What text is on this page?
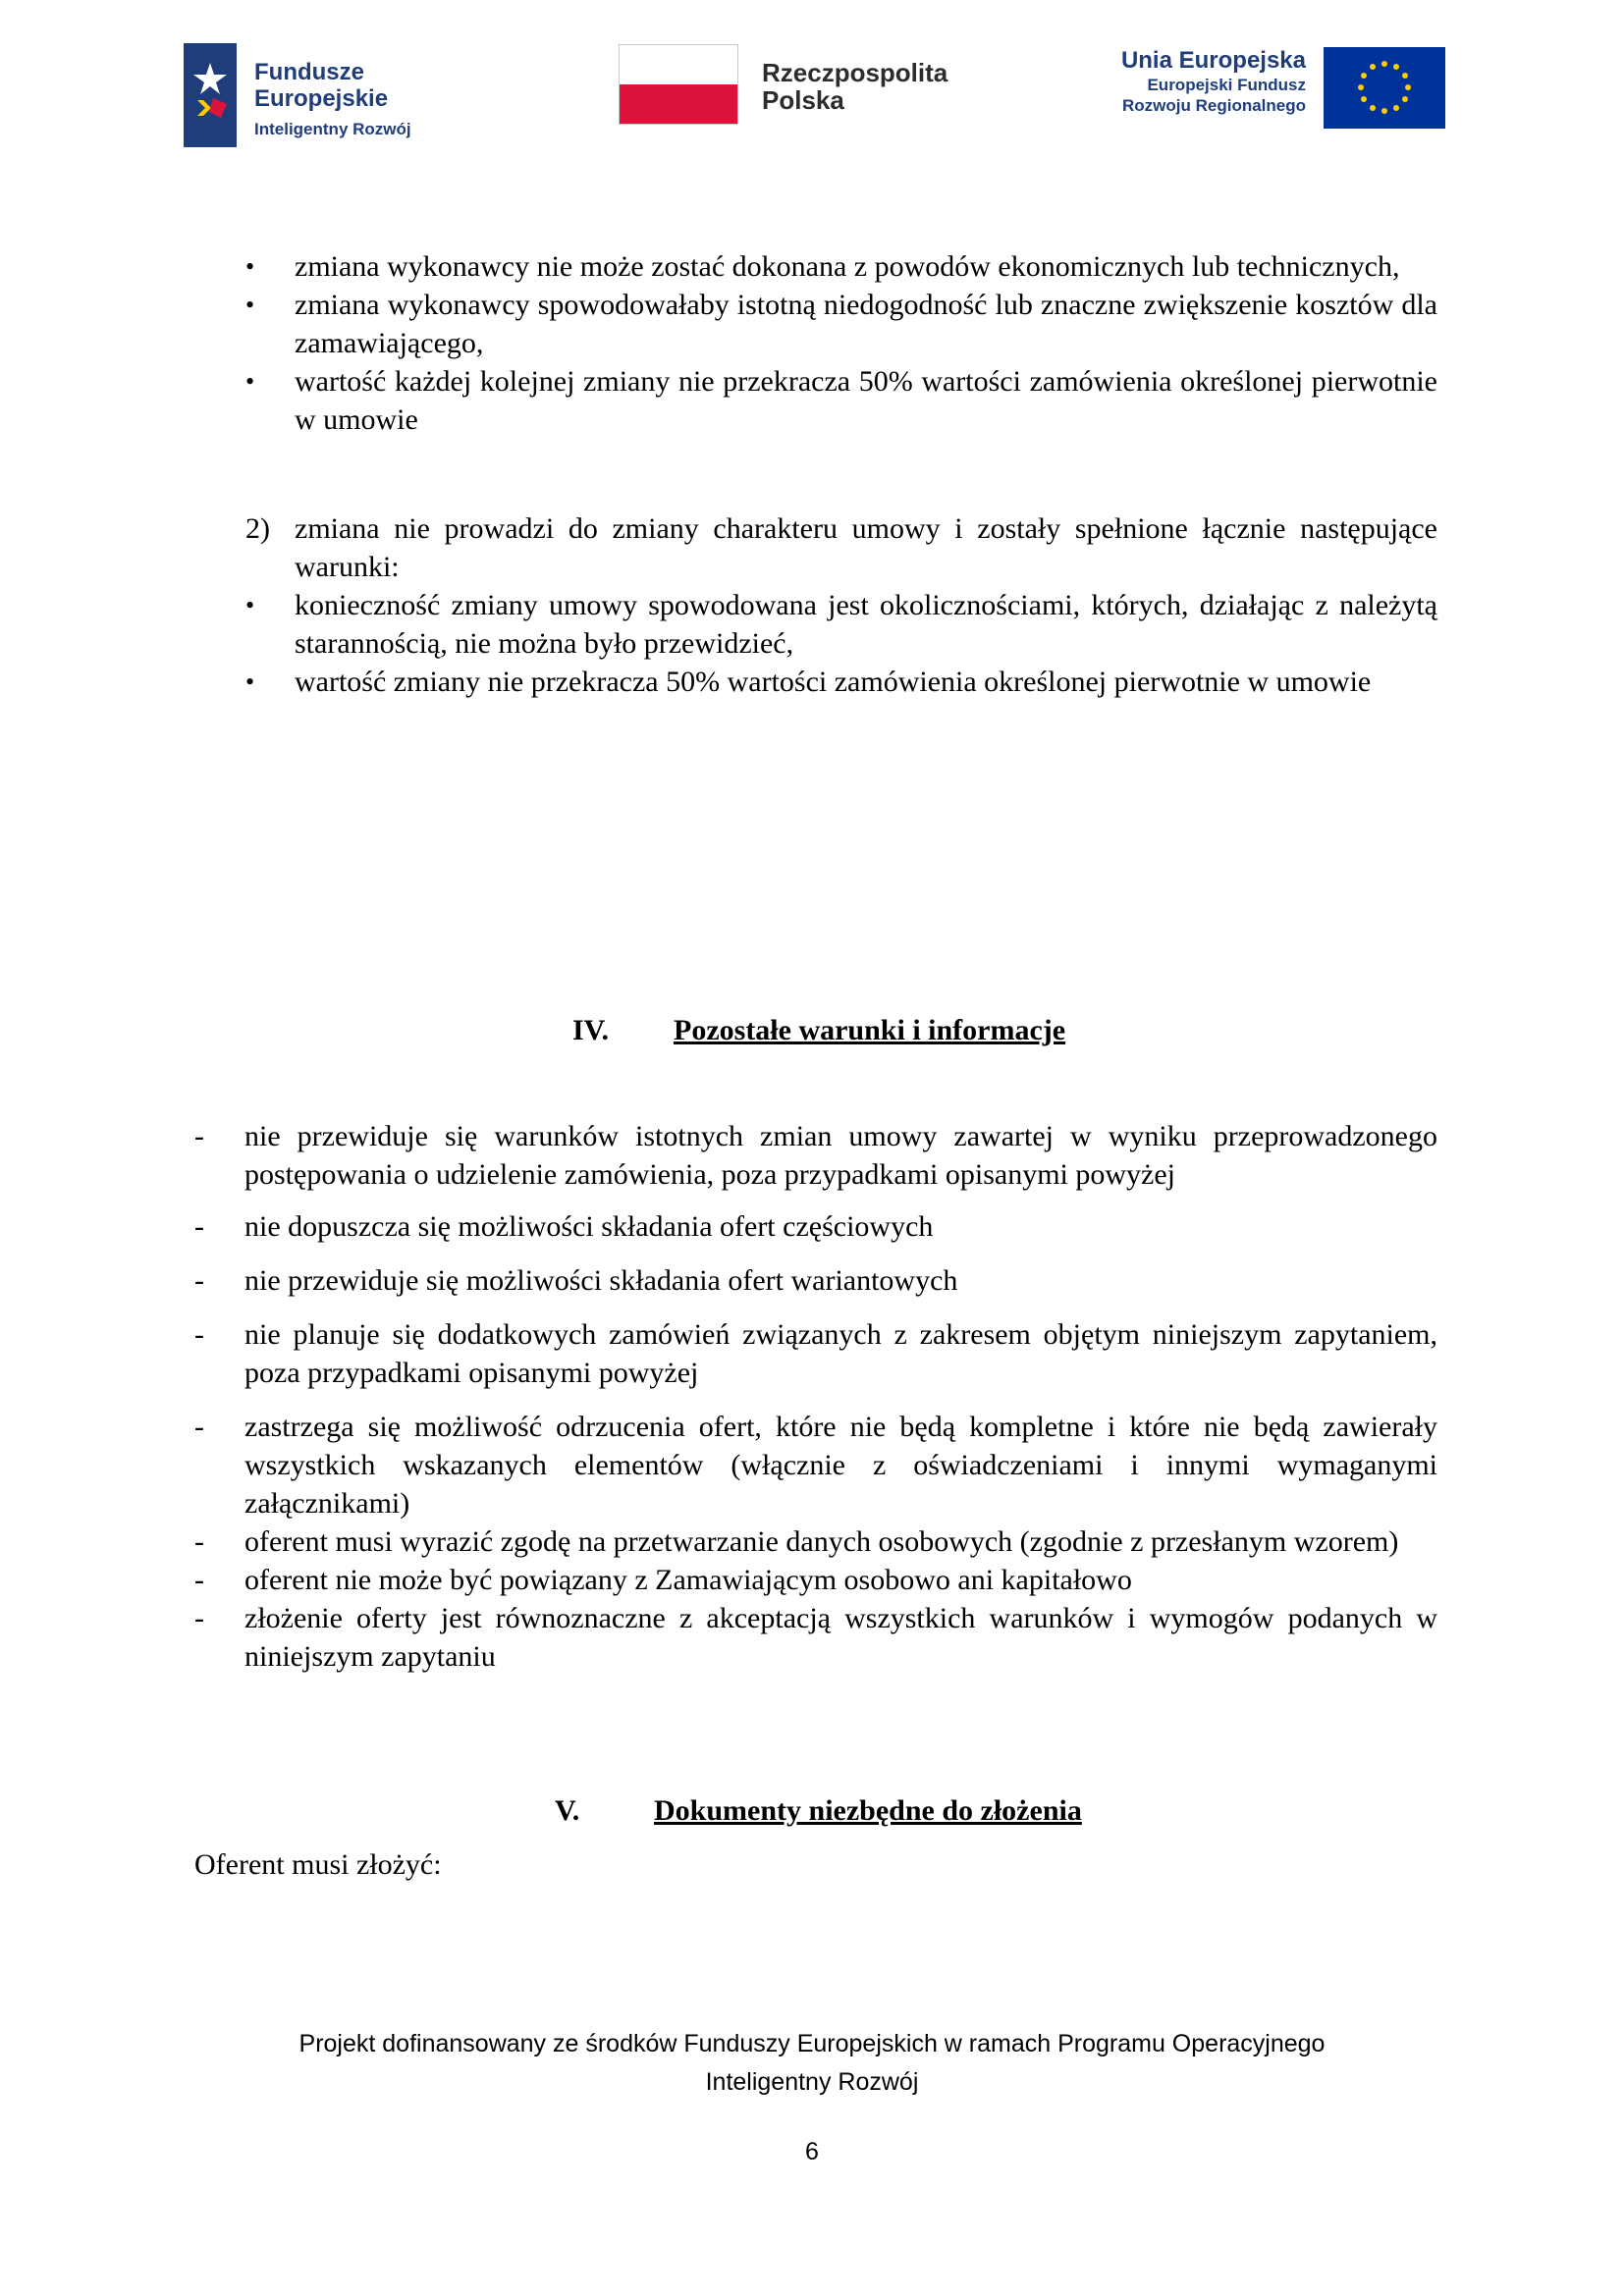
Fundusze
Europejskie
Inteligentny Rozwój
Rzeczpospolita
Polska
Unia Europejska
Europejski Fundusz
Rozwoju Regionalnego
• zmiana wykonawcy nie może zostać dokonana z powodów ekonomicznych lub technicznych,
• zmiana wykonawcy spowodowałaby istotną niedogodność lub znaczne zwiększenie kosztów dla zamawiającego,
• wartość każdej kolejnej zmiany nie przekracza 50% wartości zamówienia określonej pierwotnie w umowie
2) zmiana nie prowadzi do zmiany charakteru umowy i zostały spełnione łącznie następujące warunki:
• konieczność zmiany umowy spowodowana jest okolicznościami, których, działając z należytą starannością, nie można było przewidzieć,
• wartość zmiany nie przekracza 50% wartości zamówienia określonej pierwotnie w umowie
IV. Pozostałe warunki i informacje
- nie przewiduje się warunków istotnych zmian umowy zawartej w wyniku przeprowadzonego postępowania o udzielenie zamówienia, poza przypadkami opisanymi powyżej
- nie dopuszcza się możliwości składania ofert częściowych
- nie przewiduje się możliwości składania ofert wariantowych
- nie planuje się dodatkowych zamówień związanych z zakresem objętym niniejszym zapytaniem, poza przypadkami opisanymi powyżej
- zastrzega się możliwość odrzucenia ofert, które nie będą kompletne i które nie będą zawierały wszystkich wskazanych elementów (włącznie z oświadczeniami i innymi wymaganymi załącznikami)
- oferent musi wyrazić zgodę na przetwarzanie danych osobowych (zgodnie z przesłanym wzorem)
- oferent nie może być powiązany z Zamawiającym osobowo ani kapitałowo
- złożenie oferty jest równoznaczne z akceptacją wszystkich warunków i wymogów podanych w niniejszym zapytaniu
V.	Dokumenty niezbędne do złożenia
Oferent musi złożyć:
Projekt dofinansowany ze środków Funduszy Europejskich w ramach Programu Operacyjnego
Inteligentny Rozwój
6
